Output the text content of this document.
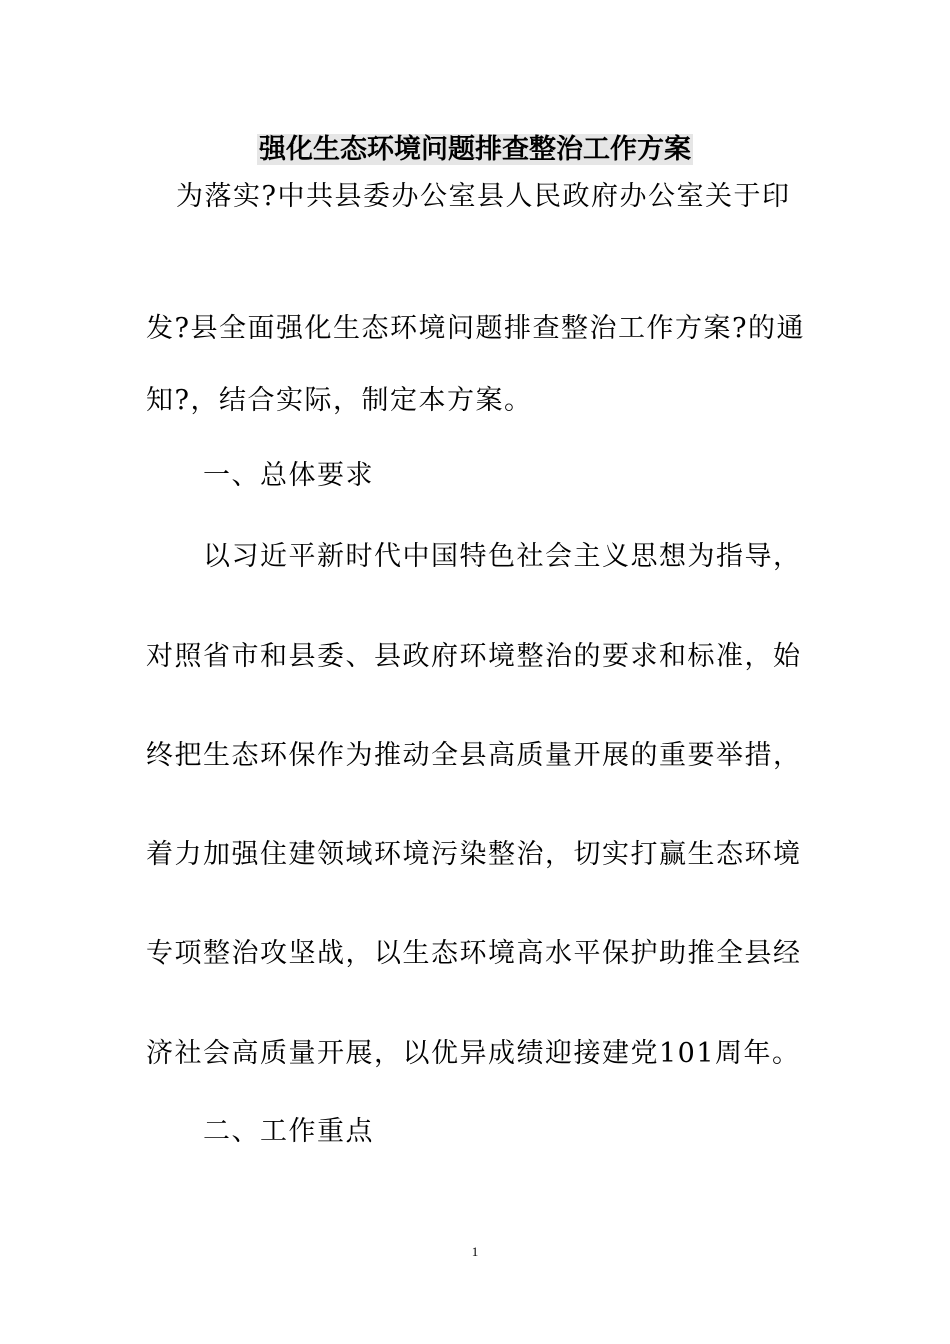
强化生态环境问题排查整治工作方案
为落实?中共县委办公室县人民政府办公室关于印
发?县全面强化生态环境问题排查整治工作方案?的通
知?，结合实际，制定本方案。
一、总体要求
以习近平新时代中国特色社会主义思想为指导，
对照省市和县委、县政府环境整治的要求和标准，始
终把生态环保作为推动全县高质量开展的重要举措，
着力加强住建领域环境污染整治，切实打赢生态环境
专项整治攻坚战，以生态环境高水平保护助推全县经
济社会高质量开展，以优异成绩迎接建党101周年。
二、工作重点
1
